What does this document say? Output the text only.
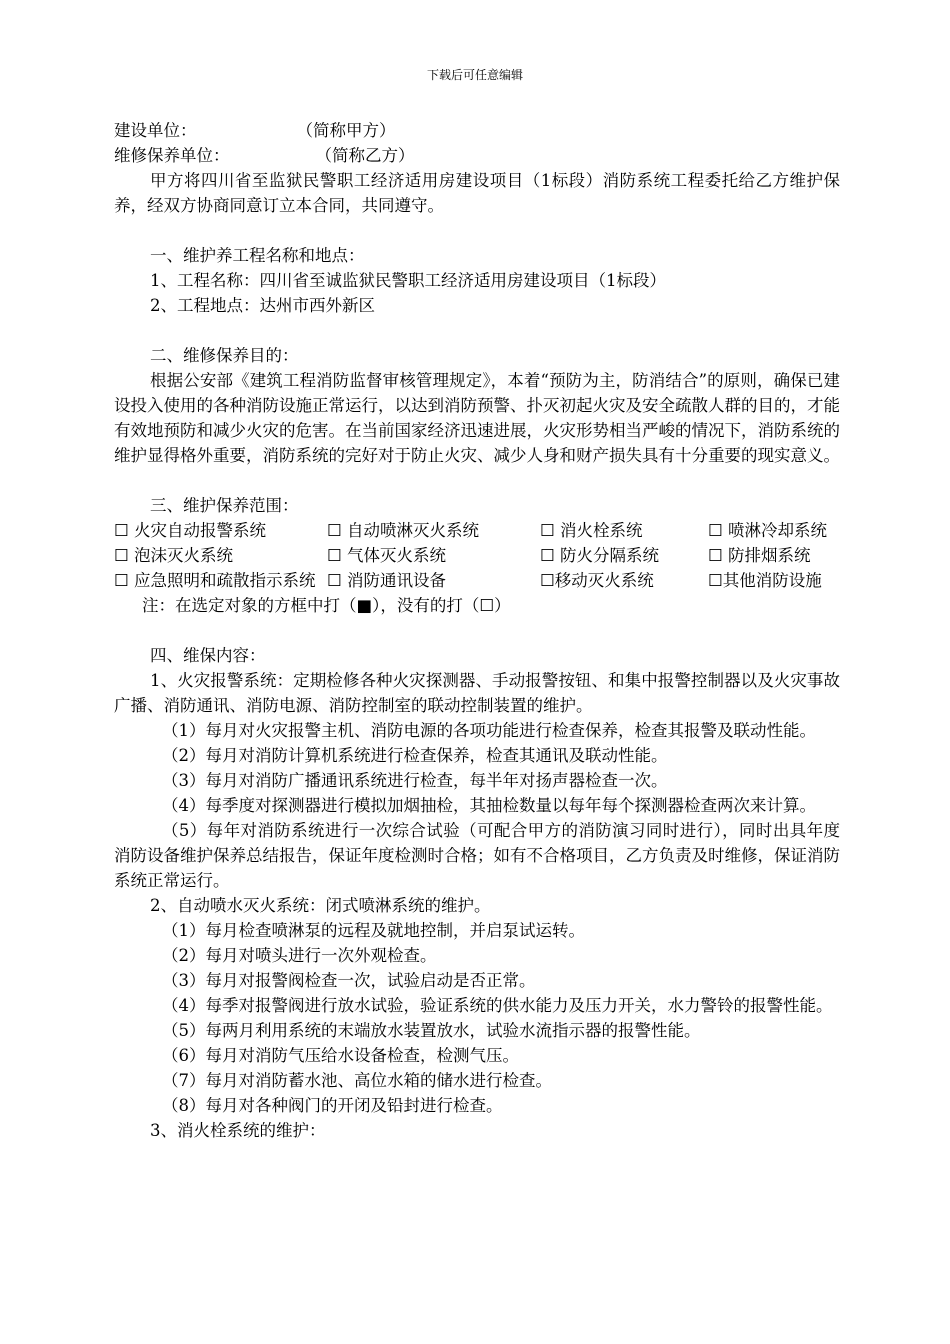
下载后可任意编辑
建设单位：	（简称甲方）
维修保养单位：	（简称乙方）
甲方将四川省至监狱民警职工经济适用房建设项目（1标段）消防系统工程委托给乙方维护保养，经双方协商同意订立本合同，共同遵守。
一、维护养工程名称和地点：
1、工程名称：四川省至诚监狱民警职工经济适用房建设项目（1标段）
2、工程地点：达州市西外新区
二、维修保养目的：
根据公安部《建筑工程消防监督审核管理规定》，本着“预防为主，防消结合”的原则，确保已建设投入使用的各种消防设施正常运行，以达到消防预警、扑灭初起火灾及安全疏散人群的目的，才能有效地预防和减少火灾的危害。在当前国家经济迅速进展，火灾形势相当严峻的情况下，消防系统的维护显得格外重要，消防系统的完好对于防止火灾、减少人身和财产损失具有十分重要的现实意义。
三、维护保养范围：
☐ 火灾自动报警系统	☐ 自动喷淋灭火系统	☐ 消火栓系统	☐ 喷淋冷却系统
☐ 泡沫灭火系统	☐ 气体灭火系统	☐ 防火分隔系统	☐ 防排烟系统
☐ 应急照明和疏散指示系统 ☐ 消防通讯设备	☐移动灭火系统	☐其他消防设施
注：在选定对象的方框中打（■），没有的打（☐）
四、维保内容：
1、火灾报警系统：定期检修各种火灾探测器、手动报警按钮、和集中报警控制器以及火灾事故广播、消防通讯、消防电源、消防控制室的联动控制装置的维护。
（1）每月对火灾报警主机、消防电源的各项功能进行检查保养，检查其报警及联动性能。
（2）每月对消防计算机系统进行检查保养，检查其通讯及联动性能。
（3）每月对消防广播通讯系统进行检查，每半年对扬声器检查一次。
（4）每季度对探测器进行模拟加烟抽检，其抽检数量以每年每个探测器检查两次来计算。
（5）每年对消防系统进行一次综合试验（可配合甲方的消防演习同时进行），同时出具年度消防设备维护保养总结报告，保证年度检测时合格；如有不合格项目，乙方负责及时维修，保证消防系统正常运行。
2、自动喷水灭火系统：闭式喷淋系统的维护。
（1）每月检查喷淋泵的远程及就地控制，并启泵试运转。
（2）每月对喷头进行一次外观检查。
（3）每月对报警阀检查一次，试验启动是否正常。
（4）每季对报警阀进行放水试验，验证系统的供水能力及压力开关，水力警铃的报警性能。
（5）每两月利用系统的末端放水装置放水，试验水流指示器的报警性能。
（6）每月对消防气压给水设备检查，检测气压。
（7）每月对消防蓄水池、高位水箱的储水进行检查。
（8）每月对各种阀门的开闭及铅封进行检查。
3、消火栓系统的维护：
